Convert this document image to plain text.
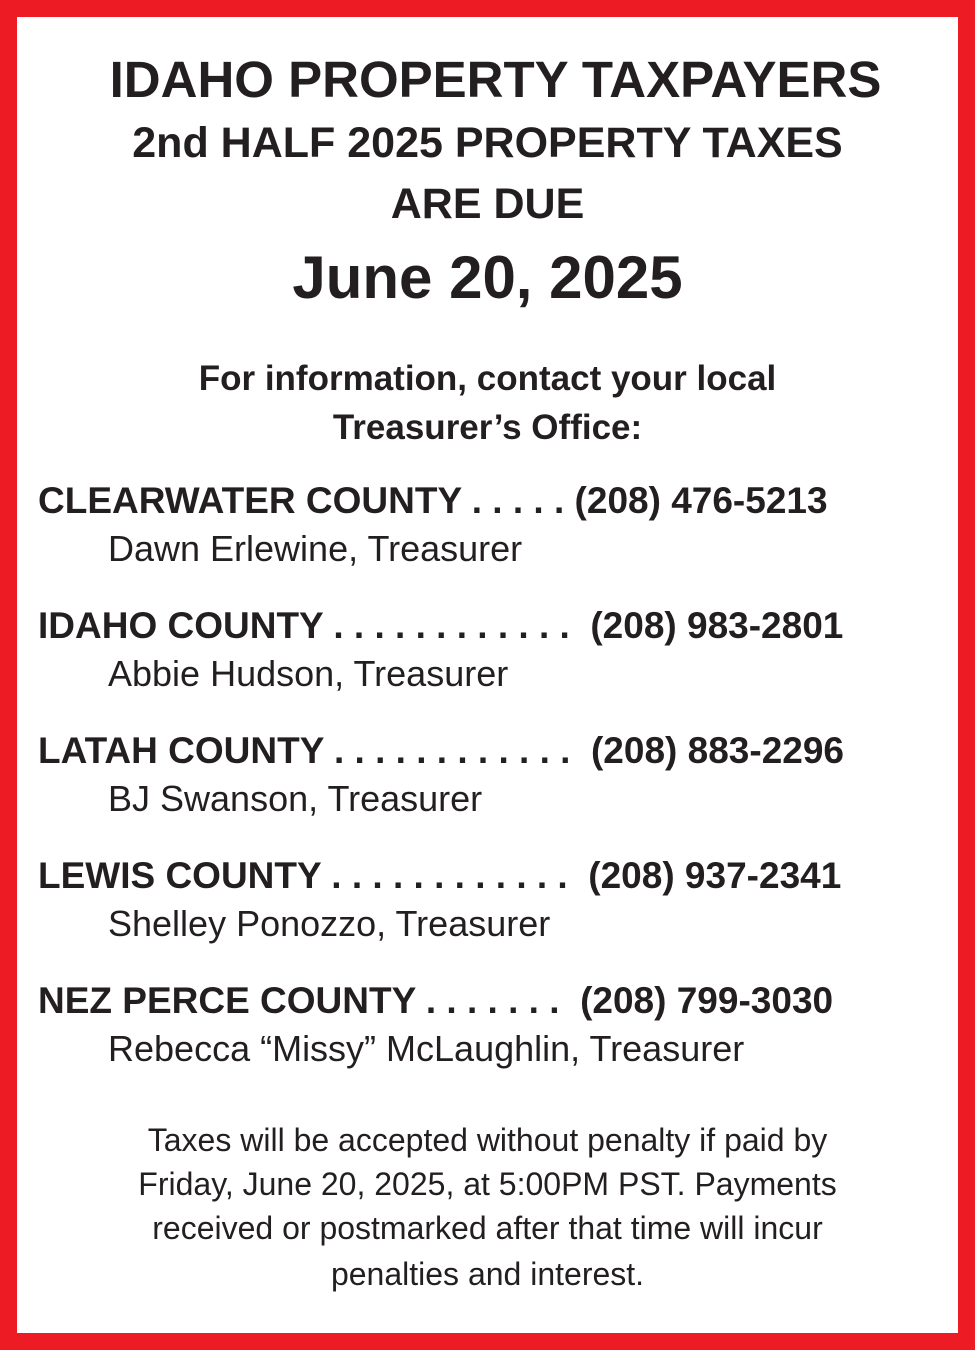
IDAHO PROPERTY TAXPAYERS
2nd HALF 2025 PROPERTY TAXES
ARE DUE
June 20, 2025
For information, contact your local
Treasurer’s Office:
CLEARWATER COUNTY . . . . . (208) 476-5213
Dawn Erlewine, Treasurer
IDAHO COUNTY . . . . . . . . . . . .  (208) 983-2801
Abbie Hudson, Treasurer
LATAH COUNTY . . . . . . . . . . . .  (208) 883-2296
BJ Swanson, Treasurer
LEWIS COUNTY . . . . . . . . . . . .  (208) 937-2341
Shelley Ponozzo, Treasurer
NEZ PERCE COUNTY . . . . . . .  (208) 799-3030
Rebecca “Missy” McLaughlin, Treasurer
Taxes will be accepted without penalty if paid by
Friday, June 20, 2025, at 5:00PM PST. Payments
received or postmarked after that time will incur
penalties and interest.
